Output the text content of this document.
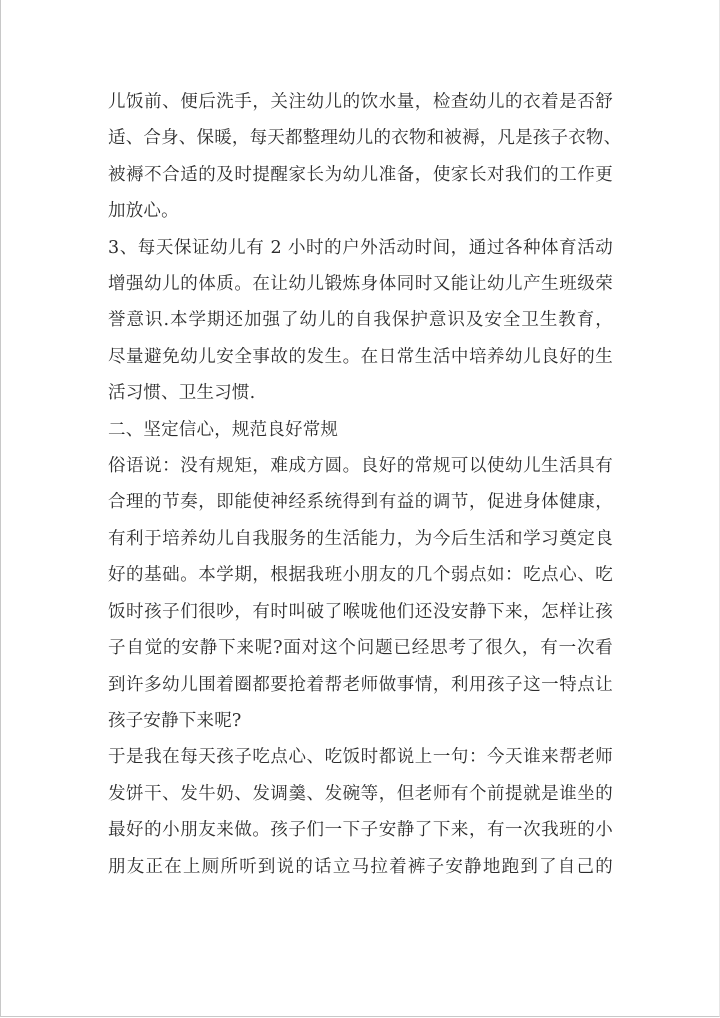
儿饭前、便后洗手，关注幼儿的饮水量，检查幼儿的衣着是否舒
适、合身、保暖，每天都整理幼儿的衣物和被褥，凡是孩子衣物、
被褥不合适的及时提醒家长为幼儿准备，使家长对我们的工作更
加放心。
3、每天保证幼儿有 2 小时的户外活动时间，通过各种体育活动
增强幼儿的体质。在让幼儿锻炼身体同时又能让幼儿产生班级荣
誉意识.本学期还加强了幼儿的自我保护意识及安全卫生教育，
尽量避免幼儿安全事故的发生。在日常生活中培养幼儿良好的生
活习惯、卫生习惯.
二、坚定信心，规范良好常规
俗语说：没有规矩，难成方圆。良好的常规可以使幼儿生活具有
合理的节奏，即能使神经系统得到有益的调节，促进身体健康，
有利于培养幼儿自我服务的生活能力，为今后生活和学习奠定良
好的基础。本学期，根据我班小朋友的几个弱点如：吃点心、吃
饭时孩子们很吵，有时叫破了喉咙他们还没安静下来，怎样让孩
子自觉的安静下来呢?面对这个问题已经思考了很久，有一次看
到许多幼儿围着圈都要抢着帮老师做事情，利用孩子这一特点让
孩子安静下来呢?
于是我在每天孩子吃点心、吃饭时都说上一句：今天谁来帮老师
发饼干、发牛奶、发调羹、发碗等，但老师有个前提就是谁坐的
最好的小朋友来做。孩子们一下子安静了下来，有一次我班的小
朋友正在上厕所听到说的话立马拉着裤子安静地跑到了自己的
